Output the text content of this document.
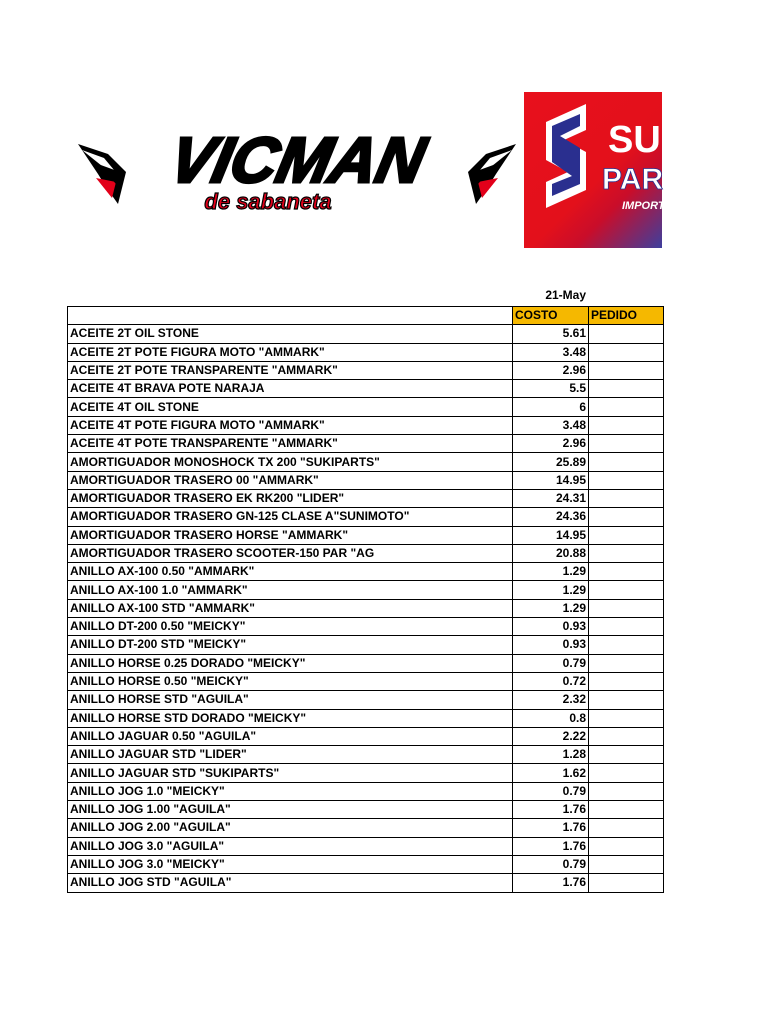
VICMAN
de sabaneta
SU
PAR
IMPORTA
21-May
	COSTO	PEDIDO
ACEITE 2T OIL STONE	5.61	
ACEITE 2T POTE FIGURA MOTO "AMMARK"	3.48	
ACEITE 2T POTE TRANSPARENTE "AMMARK"	2.96	
ACEITE 4T BRAVA POTE NARAJA	5.5	
ACEITE 4T OIL STONE	6	
ACEITE 4T POTE FIGURA MOTO "AMMARK"	3.48	
ACEITE 4T POTE TRANSPARENTE "AMMARK"	2.96	
AMORTIGUADOR MONOSHOCK TX 200 "SUKIPARTS"	25.89	
AMORTIGUADOR TRASERO 00 "AMMARK"	14.95	
AMORTIGUADOR TRASERO EK RK200 "LIDER"	24.31	
AMORTIGUADOR TRASERO GN-125 CLASE A"SUNIMOTO"	24.36	
AMORTIGUADOR TRASERO HORSE "AMMARK"	14.95	
AMORTIGUADOR TRASERO SCOOTER-150 PAR "AG	20.88	
ANILLO AX-100 0.50 "AMMARK"	1.29	
ANILLO AX-100 1.0 "AMMARK"	1.29	
ANILLO AX-100 STD "AMMARK"	1.29	
ANILLO DT-200 0.50 "MEICKY"	0.93	
ANILLO DT-200 STD "MEICKY"	0.93	
ANILLO HORSE 0.25 DORADO "MEICKY"	0.79	
ANILLO HORSE 0.50 "MEICKY"	0.72	
ANILLO HORSE STD "AGUILA"	2.32	
ANILLO HORSE STD DORADO "MEICKY"	0.8	
ANILLO JAGUAR 0.50 "AGUILA"	2.22	
ANILLO JAGUAR STD "LIDER"	1.28	
ANILLO JAGUAR STD "SUKIPARTS"	1.62	
ANILLO JOG 1.0 "MEICKY"	0.79	
ANILLO JOG 1.00 "AGUILA"	1.76	
ANILLO JOG 2.00 "AGUILA"	1.76	
ANILLO JOG 3.0 "AGUILA"	1.76	
ANILLO JOG 3.0 "MEICKY"	0.79	
ANILLO JOG STD "AGUILA"	1.76	
